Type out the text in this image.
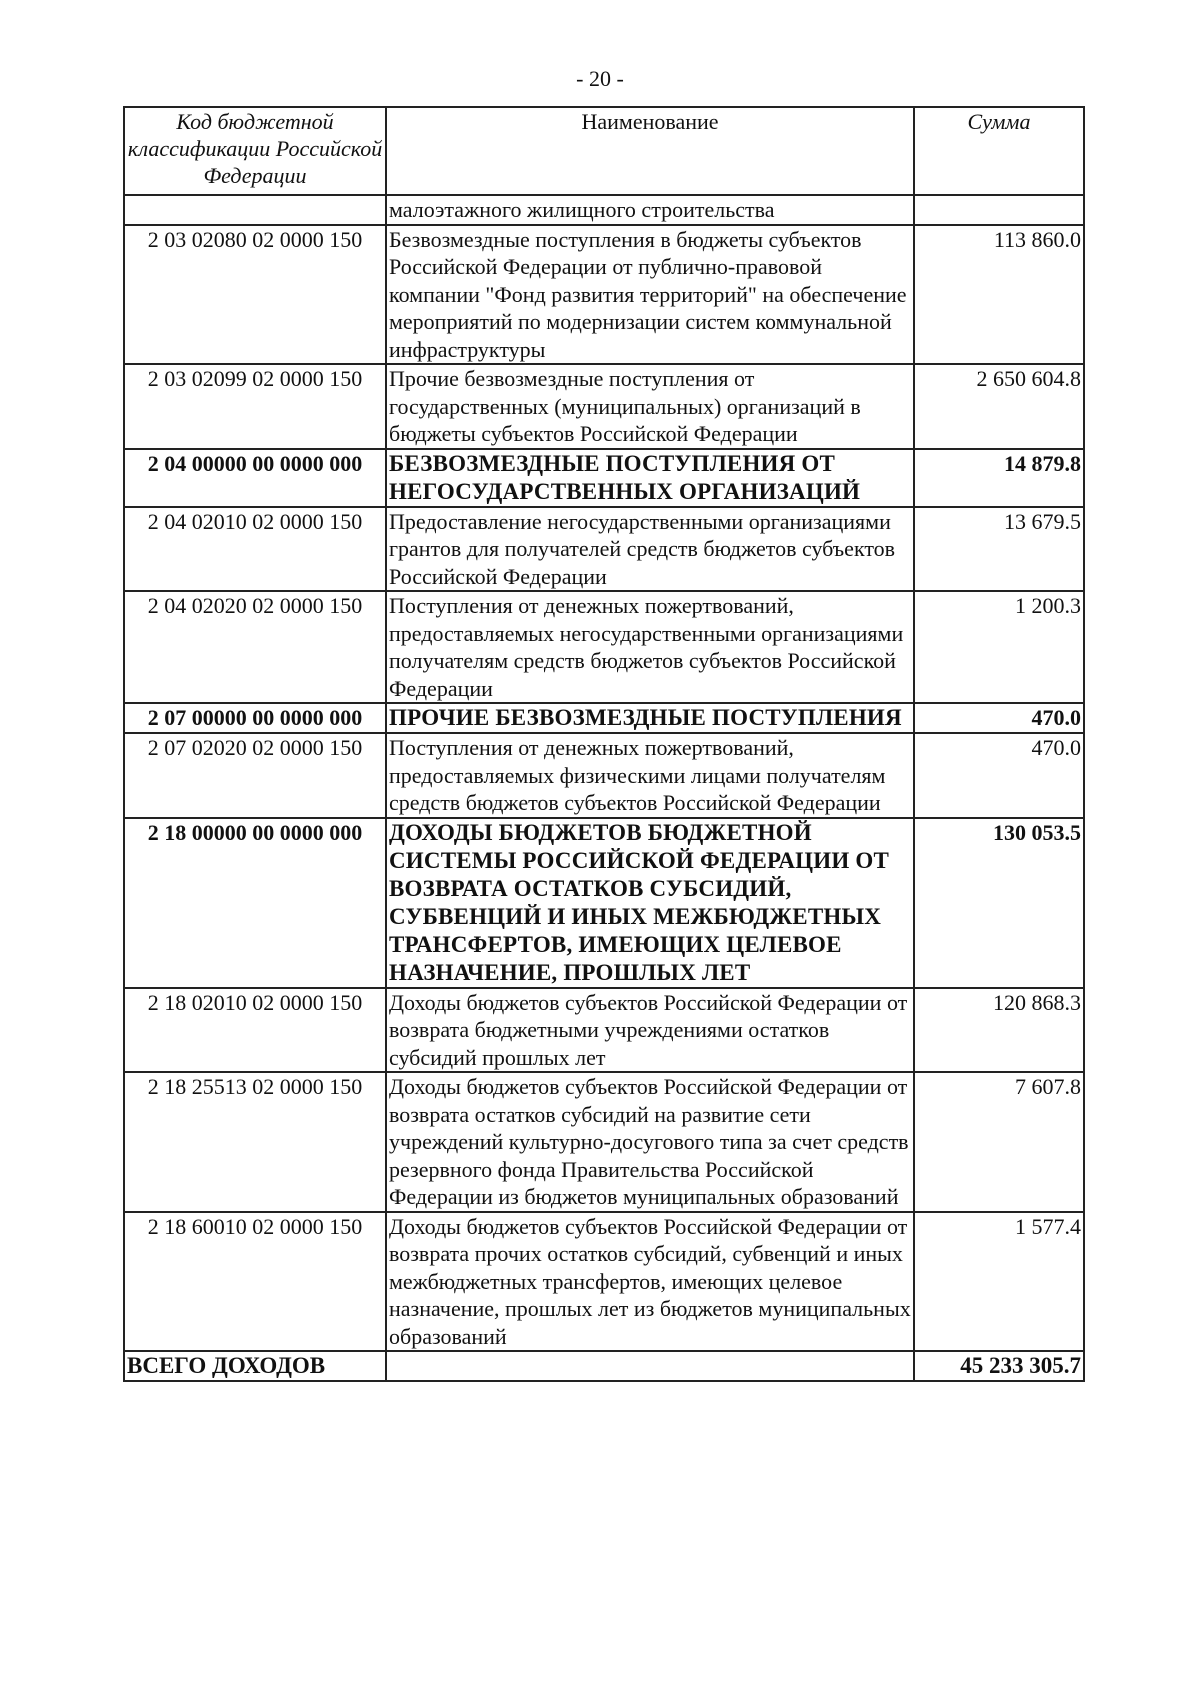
- 20 -
Код бюджетной классификации Российской Федерации	Наименование	Сумма
	малоэтажного жилищного строительства	
2 03 02080 02 0000 150	Безвозмездные поступления в бюджеты субъектов Российской Федерации от публично-правовой компании "Фонд развития территорий" на обеспечение мероприятий по модернизации систем коммунальной инфраструктуры	113 860.0
2 03 02099 02 0000 150	Прочие безвозмездные поступления от государственных (муниципальных) организаций в бюджеты субъектов Российской Федерации	2 650 604.8
2 04 00000 00 0000 000	БЕЗВОЗМЕЗДНЫЕ ПОСТУПЛЕНИЯ ОТ НЕГОСУДАРСТВЕННЫХ ОРГАНИЗАЦИЙ	14 879.8
2 04 02010 02 0000 150	Предоставление негосударственными организациями грантов для получателей средств бюджетов субъектов Российской Федерации	13 679.5
2 04 02020 02 0000 150	Поступления от денежных пожертвований, предоставляемых негосударственными организациями получателям средств бюджетов субъектов Российской Федерации	1 200.3
2 07 00000 00 0000 000	ПРОЧИЕ БЕЗВОЗМЕЗДНЫЕ ПОСТУПЛЕНИЯ	470.0
2 07 02020 02 0000 150	Поступления от денежных пожертвований, предоставляемых физическими лицами получателям средств бюджетов субъектов Российской Федерации	470.0
2 18 00000 00 0000 000	ДОХОДЫ БЮДЖЕТОВ БЮДЖЕТНОЙ СИСТЕМЫ РОССИЙСКОЙ ФЕДЕРАЦИИ ОТ ВОЗВРАТА ОСТАТКОВ СУБСИДИЙ, СУБВЕНЦИЙ И ИНЫХ МЕЖБЮДЖЕТНЫХ ТРАНСФЕРТОВ, ИМЕЮЩИХ ЦЕЛЕВОЕ НАЗНАЧЕНИЕ, ПРОШЛЫХ ЛЕТ	130 053.5
2 18 02010 02 0000 150	Доходы бюджетов субъектов Российской Федерации от возврата бюджетными учреждениями остатков субсидий прошлых лет	120 868.3
2 18 25513 02 0000 150	Доходы бюджетов субъектов Российской Федерации от возврата остатков субсидий на развитие сети учреждений культурно-досугового типа за счет средств резервного фонда Правительства Российской Федерации из бюджетов муниципальных образований	7 607.8
2 18 60010 02 0000 150	Доходы бюджетов субъектов Российской Федерации от возврата прочих остатков субсидий, субвенций и иных межбюджетных трансфертов, имеющих целевое назначение, прошлых лет из бюджетов муниципальных образований	1 577.4
ВСЕГО ДОХОДОВ		45 233 305.7
